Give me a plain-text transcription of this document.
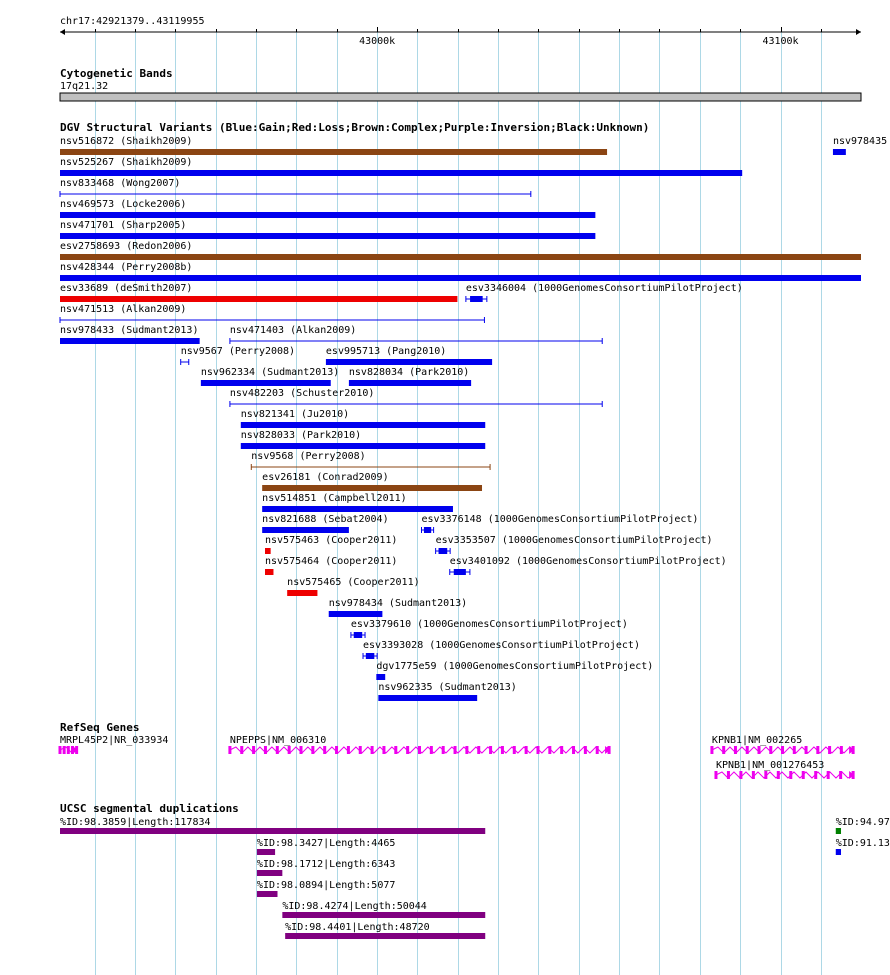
chr17:42921379..43119955
43000k	43100k
Cytogenetic Bands
17q21.32
DGV Structural Variants (Blue:Gain;Red:Loss;Brown:Complex;Purple:Inversion;Black:Unknown)
nsv516872 (Shaikh2009)	nsv978435
nsv525267 (Shaikh2009)
nsv833468 (Wong2007)
nsv469573 (Locke2006)
nsv471701 (Sharp2005)
esv2758693 (Redon2006)
nsv428344 (Perry2008b)
esv33689 (deSmith2007)	esv3346004 (1000GenomesConsortiumPilotProject)
nsv471513 (Alkan2009)
nsv978433 (Sudmant2013)	nsv471403 (Alkan2009)
nsv9567 (Perry2008)	esv995713 (Pang2010)
nsv962334 (Sudmant2013) nsv828034 (Park2010)
nsv482203 (Schuster2010)
nsv821341 (Ju2010)
nsv828033 (Park2010)
nsv9568 (Perry2008)
esv26181 (Conrad2009)
nsv514851 (Campbell2011)
nsv821688 (Sebat2004)	esv3376148 (1000GenomesConsortiumPilotProject)
nsv575463 (Cooper2011)	esv3353507 (1000GenomesConsortiumPilotProject)
nsv575464 (Cooper2011)	esv3401092 (1000GenomesConsortiumPilotProject)
nsv575465 (Cooper2011)
nsv978434 (Sudmant2013)
esv3379610 (1000GenomesConsortiumPilotProject)
esv3393028 (1000GenomesConsortiumPilotProject)
dgv1775e59 (1000GenomesConsortiumPilotProject)
nsv962335 (Sudmant2013)
RefSeq Genes
MRPL45P2|NR_033934	NPEPPS|NM_006310	KPNB1|NM_002265
KPNB1|NM_001276453
UCSC segmental duplications
%ID:98.3859|Length:117834	%ID:94.97
%ID:98.3427|Length:4465	%ID:91.13
%ID:98.1712|Length:6343
%ID:98.0894|Length:5077
%ID:98.4274|Length:50044
%ID:98.4401|Length:48720
